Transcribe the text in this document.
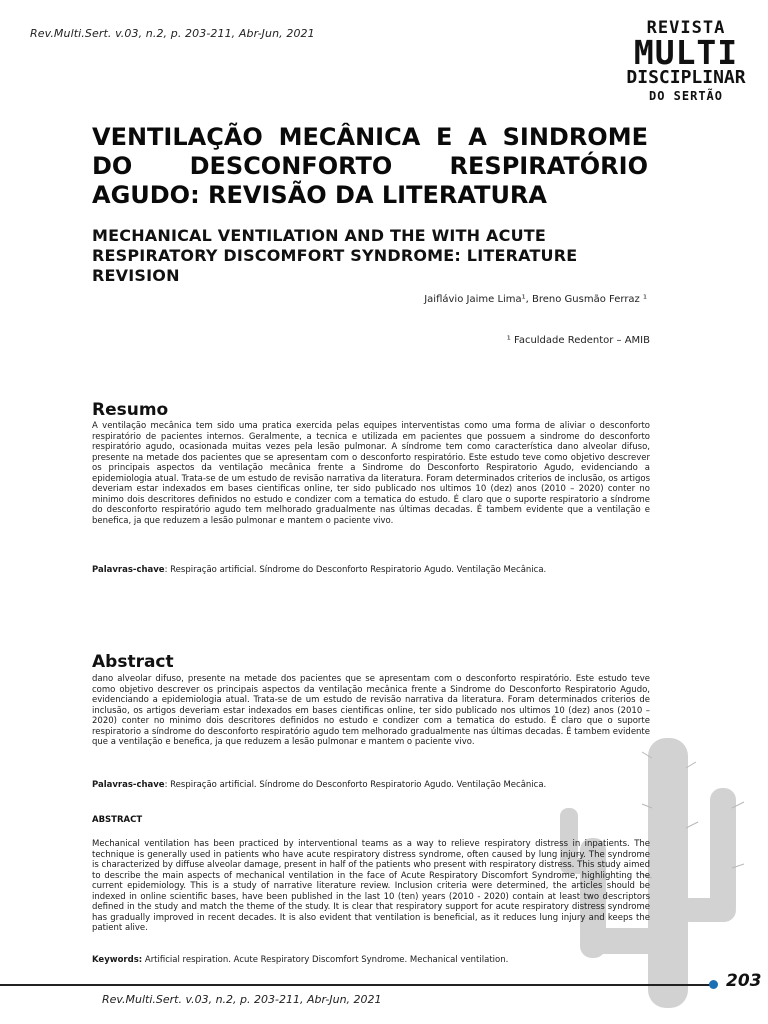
Rev.Multi.Sert. v.03, n.2, p. 203-211, Abr-Jun, 2021	REVISTA
MULTI
DISCIPLINAR
DO SERTÃO
VENTILAÇÃO MECÂNICA E A SINDROME DO DESCONFORTO RESPIRATÓRIO AGUDO: REVISÃO DA LITERATURA
MECHANICAL VENTILATION AND THE WITH ACUTE RESPIRATORY DISCOMFORT SYNDROME: LITERATURE REVISION
Jaiflávio Jaime Lima¹, Breno Gusmão Ferraz ¹
¹ Faculdade Redentor – AMIB
Resumo

A ventilação mecânica tem sido uma pratica exercida pelas equipes interventistas como uma forma de aliviar o desconforto respiratório de pacientes internos. Geralmente, a tecnica e utilizada em pacientes que possuem a sindrome do desconforto respiratório agudo, ocasionada muitas vezes pela lesão pulmonar. A síndrome tem como característica dano alveolar difuso, presente na metade dos pacientes que se apresentam com o desconforto respiratório. Este estudo teve como objetivo descrever os principais aspectos da ventilação mecânica frente a Sindrome do Desconforto Respiratorio Agudo, evidenciando a epidemiologia atual. Trata-se de um estudo de revisão narrativa da literatura. Foram determinados criterios de inclusão, os artigos deveriam estar indexados em bases cientificas online, ter sido publicado nos ultimos 10 (dez) anos (2010 – 2020) conter no minimo dois descritores definidos no estudo e condizer com a tematica do estudo. É claro que o suporte respiratorio a síndrome do desconforto respiratório agudo tem melhorado gradualmente nas últimas decadas. É tambem evidente que a ventilação e benefica, ja que reduzem a lesão pulmonar e mantem o paciente vivo.

Palavras-chave: Respiração artificial. Síndrome do Desconforto Respiratorio Agudo. Ventilação Mecânica.

Abstract

dano alveolar difuso, presente na metade dos pacientes que se apresentam com o desconforto respiratório. Este estudo teve como objetivo descrever os principais aspectos da ventilação mecânica frente a Sindrome do Desconforto Respiratorio Agudo, evidenciando a epidemiologia atual. Trata-se de um estudo de revisão narrativa da literatura. Foram determinados criterios de inclusão, os artigos deveriam estar indexados em bases cientificas online, ter sido publicado nos ultimos 10 (dez) anos (2010 – 2020) conter no minimo dois descritores definidos no estudo e condizer com a tematica do estudo. É claro que o suporte respiratorio a síndrome do desconforto respiratório agudo tem melhorado gradualmente nas últimas decadas. É tambem evidente que a ventilação e benefica, ja que reduzem a lesão pulmonar e mantem o paciente vivo.

Palavras-chave: Respiração artificial. Síndrome do Desconforto Respiratorio Agudo. Ventilação Mecânica.

ABSTRACT

Mechanical ventilation has been practiced by interventional teams as a way to relieve respiratory distress in inpatients. The technique is generally used in patients who have acute respiratory distress syndrome, often caused by lung injury. The syndrome is characterized by diffuse alveolar damage, present in half of the patients who present with respiratory distress. This study aimed to describe the main aspects of mechanical ventilation in the face of Acute Respiratory Discomfort Syndrome, highlighting the current epidemiology. This is a study of narrative literature review. Inclusion criteria were determined, the articles should be indexed in online scientific bases, have been published in the last 10 (ten) years (2010 - 2020) contain at least two descriptors defined in the study and match the theme of the study. It is clear that respiratory support for acute respiratory distress syndrome has gradually improved in recent decades. It is also evident that ventilation is beneficial, as it reduces lung injury and keeps the patient alive.

Keywords: Artificial respiration. Acute Respiratory Discomfort Syndrome. Mechanical ventilation.

203
Rev.Multi.Sert. v.03, n.2, p. 203-211, Abr-Jun, 2021
